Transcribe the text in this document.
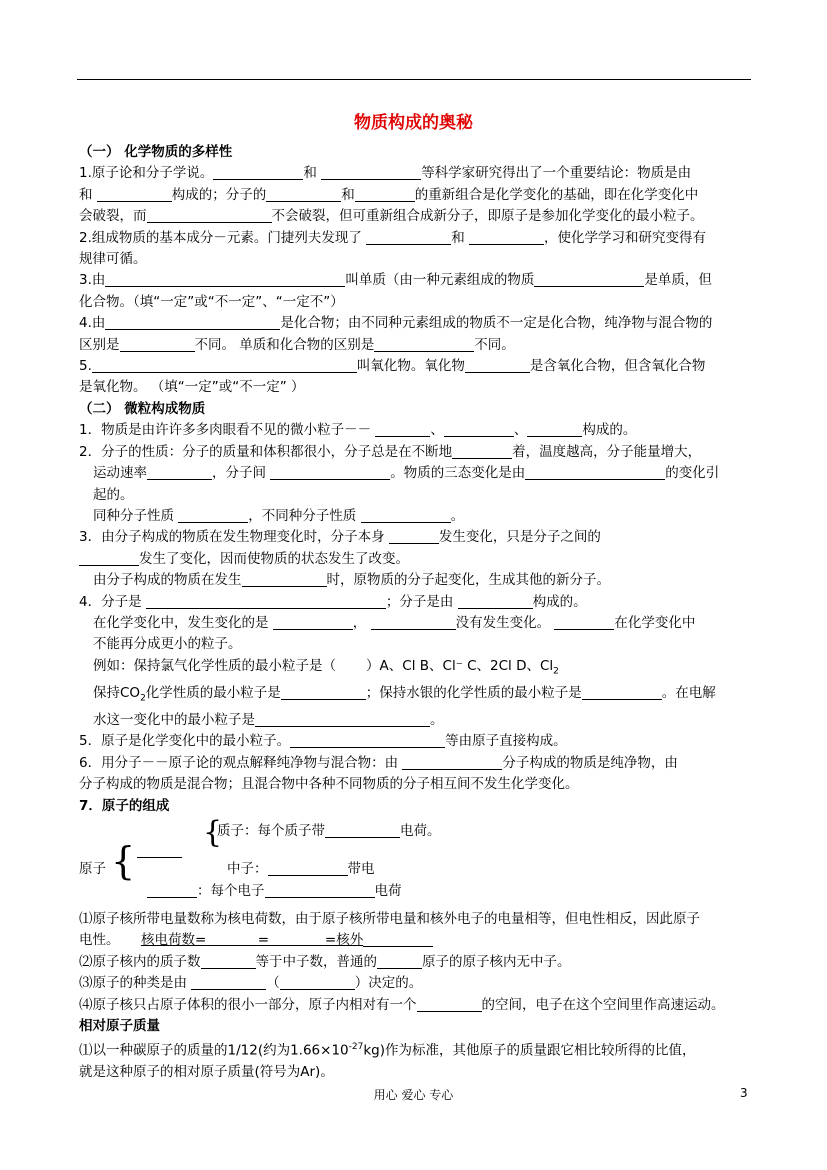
物质构成的奥秘

（一） 化学物质的多样性

1.原子论和分子学说。	和	等科学家研究得出了一个重要结论：物质是由

和	构成的；分子的	和	的重新组合是化学变化的基础，即在化学变化中

会破裂，而	不会破裂，但可重新组合成新分子，即原子是参加化学变化的最小粒子。

2.组成物质的基本成分－元素。门捷列夫发现了	和	，使化学学习和研究变得有

规律可循。

3.由	叫单质（由一种元素组成的物质	是单质，但

化合物。（填“一定”或“不一定”、“一定不”）

4.由	是化合物；由不同种元素组成的物质不一定是化合物，纯净物与混合物的

区别是	不同。 单质和化合物的区别是	不同。

5.	叫氧化物。氧化物	是含氧化合物，但含氧化合物

是氧化物。 （填“一定”或“不一定” ）

（二） 微粒构成物质

1．物质是由许许多多肉眼看不见的微小粒子－－	、	、	构成的。

2．分子的性质：分子的质量和体积都很小，分子总是在不断地	着，温度越高，分子能量增大，

运动速率	，分子间	。物质的三态变化是由	的变化引

起的。

同种分子性质	，不同种分子性质	。

3．由分子构成的物质在发生物理变化时，分子本身	发生变化，只是分子之间的

发生了变化，因而使物质的状态发生了改变。

由分子构成的物质在发生	时，原物质的分子起变化，生成其他的新分子。

4．分子是	；分子是由	构成的。

在化学变化中，发生变化的是	，	没有发生变化。	在化学变化中

不能再分成更小的粒子。

例如：保持氯气化学性质的最小粒子是（ ）A、Cl B、Cl⁻ C、2Cl D、$Cl_2$

保持$CO_2$化学性质的最小粒子是	；保持水银的化学性质的最小粒子是	。在电解

水这一变化中的最小粒子是	。

5．原子是化学变化中的最小粒子。	等由原子直接构成。

6．用分子－－原子论的观点解释纯净物与混合物：由	分子构成的物质是纯净物，由

分子构成的物质是混合物；且混合物中各种不同物质的分子相互间不发生化学变化。

7．原子的组成

质子：每个质子带	电荷。
{
原子 {	中子：	带电
：每个电子	电荷

⑴原子核所带电量数称为核电荷数，由于原子核所带电量和核外电子的电量相等，但电性相反，因此原子

电性。 核电荷数=	=	=核外

⑵原子核内的质子数	等于中子数，普通的	原子的原子核内无中子。

⑶原子的种类是由	（	）决定的。

⑷原子核只占原子体积的很小一部分，原子内相对有一个	的空间，电子在这个空间里作高速运动。

相对原子质量

⑴以一种碳原子的质量的1/12(约为$1.66\times 10^{-27}kg$)作为标准，其他原子的质量跟它相比较所得的比值，

就是这种原子的相对原子质量(符号为Ar)。

用心 爱心 专心	3
